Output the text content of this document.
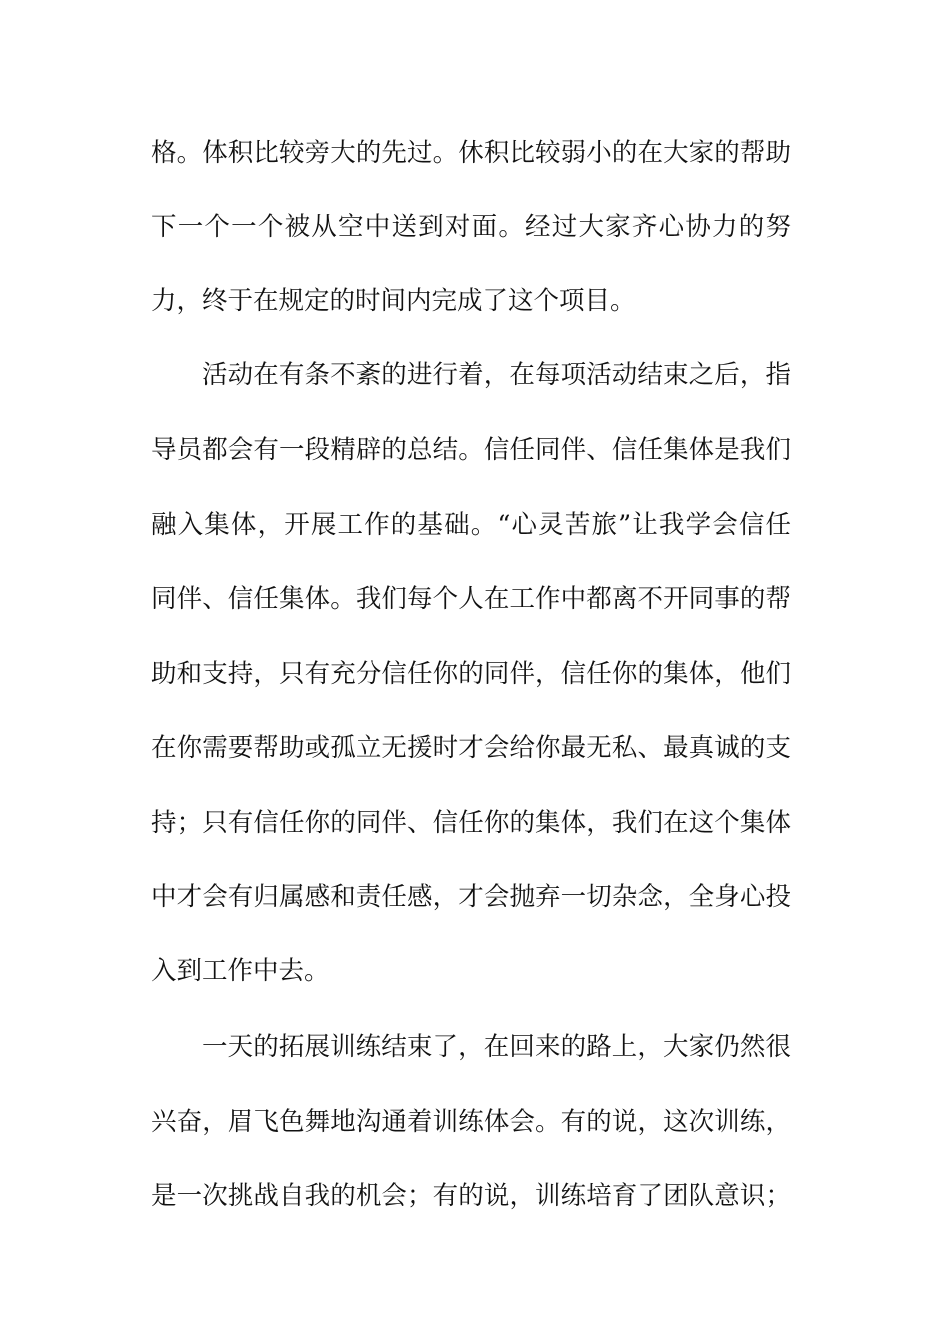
格。体积比较旁大的先过。休积比较弱小的在大家的帮助
下一个一个被从空中送到对面。经过大家齐心协力的努
力，终于在规定的时间内完成了这个项目。
活动在有条不紊的进行着，在每项活动结束之后，指
导员都会有一段精辟的总结。信任同伴、信任集体是我们
融入集体，开展工作的基础。“心灵苦旅”让我学会信任
同伴、信任集体。我们每个人在工作中都离不开同事的帮
助和支持，只有充分信任你的同伴，信任你的集体，他们
在你需要帮助或孤立无援时才会给你最无私、最真诚的支
持；只有信任你的同伴、信任你的集体，我们在这个集体
中才会有归属感和责任感，才会抛弃一切杂念，全身心投
入到工作中去。
一天的拓展训练结束了，在回来的路上，大家仍然很
兴奋，眉飞色舞地沟通着训练体会。有的说，这次训练，
是一次挑战自我的机会；有的说，训练培育了团队意识；
